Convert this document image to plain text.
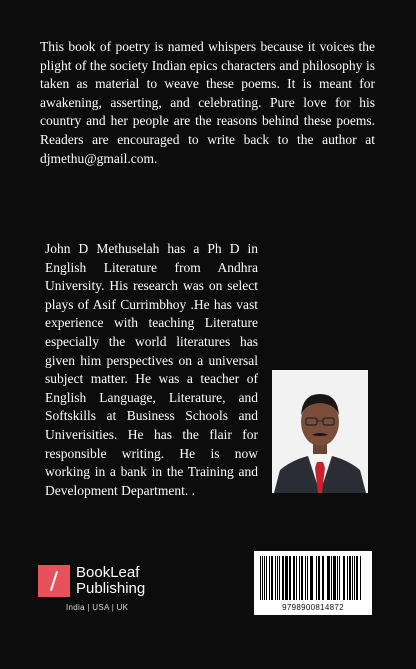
This book of poetry is named whispers because it voices the plight of the society Indian epics characters and philosophy is taken as material to weave these poems. It is meant for awakening, asserting, and celebrating. Pure love for his country and her people are the reasons behind these poems. Readers are encouraged to write back to the author at djmethu@gmail.com.

John D Methuselah has a Ph D in English Literature from Andhra University. His research was on select plays of Asif Currimbhoy .He has vast experience with teaching Literature especially the world literatures has given him perspectives on a universal subject matter. He was a teacher of English Language, Literature, and Softskills at Business Schools and Univerisities. He has the flair for responsible writing. He is now working in a bank in the Training and Development Department. .

BookLeaf
Publishing
India | USA | UK	9798900814872
